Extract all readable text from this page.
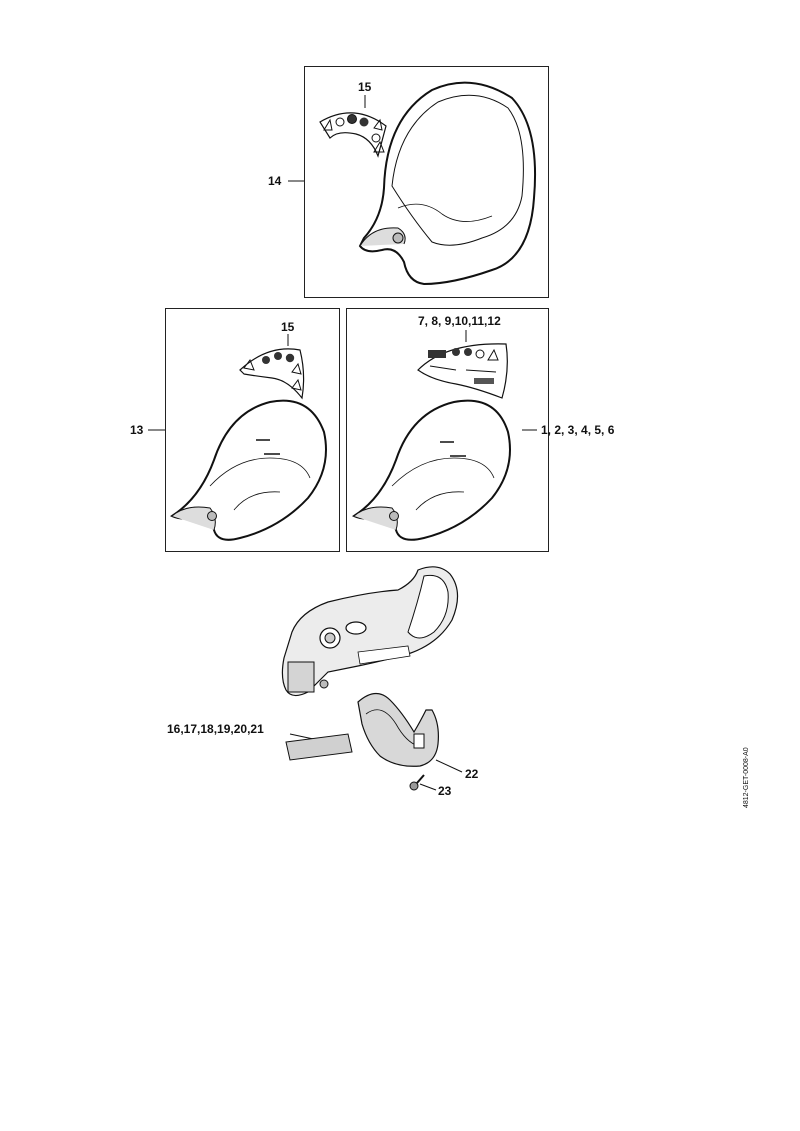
14
15
13
15	7, 8, 9,10,11,12
1, 2, 3, 4, 5, 6
16,17,18,19,20,21
22
23	4812-GET-0008-A0
